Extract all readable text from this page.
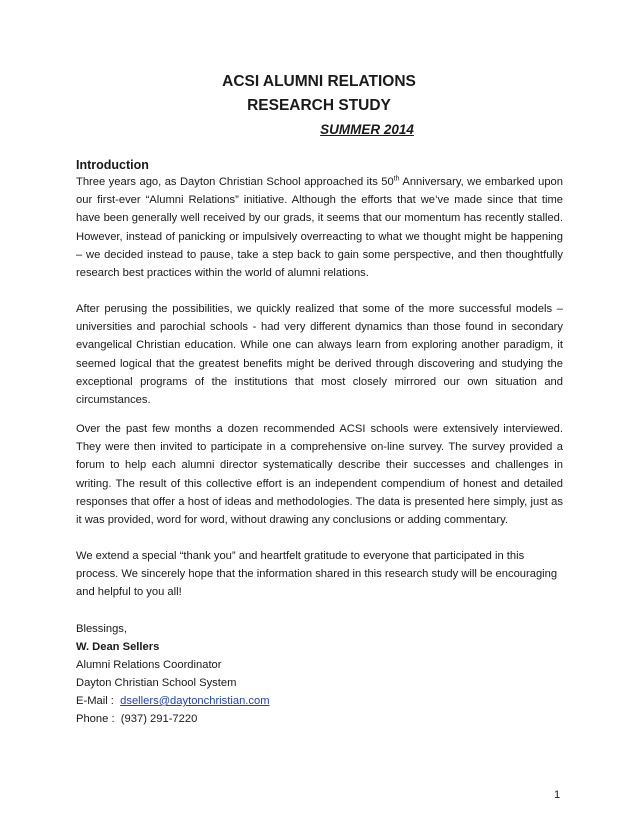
ACSI ALUMNI RELATIONS
RESEARCH STUDY
SUMMER 2014
Introduction

Three years ago, as Dayton Christian School approached its 50th Anniversary, we embarked upon our first-ever “Alumni Relations” initiative. Although the efforts that we’ve made since that time have been generally well received by our grads, it seems that our momentum has recently stalled. However, instead of panicking or impulsively overreacting to what we thought might be happening – we decided instead to pause, take a step back to gain some perspective, and then thoughtfully research best practices within the world of alumni relations.

After perusing the possibilities, we quickly realized that some of the more successful models – universities and parochial schools - had very different dynamics than those found in secondary evangelical Christian education. While one can always learn from exploring another paradigm, it seemed logical that the greatest benefits might be derived through discovering and studying the exceptional programs of the institutions that most closely mirrored our own situation and circumstances.

Over the past few months a dozen recommended ACSI schools were extensively interviewed. They were then invited to participate in a comprehensive on-line survey. The survey provided a forum to help each alumni director systematically describe their successes and challenges in writing. The result of this collective effort is an independent compendium of honest and detailed responses that offer a host of ideas and methodologies. The data is presented here simply, just as it was provided, word for word, without drawing any conclusions or adding commentary.

We extend a special “thank you” and heartfelt gratitude to everyone that participated in this process. We sincerely hope that the information shared in this research study will be encouraging and helpful to you all!

Blessings,
W. Dean Sellers
Alumni Relations Coordinator
Dayton Christian School System
E-Mail :  dsellers@daytonchristian.com
Phone :  (937) 291-7220
1
